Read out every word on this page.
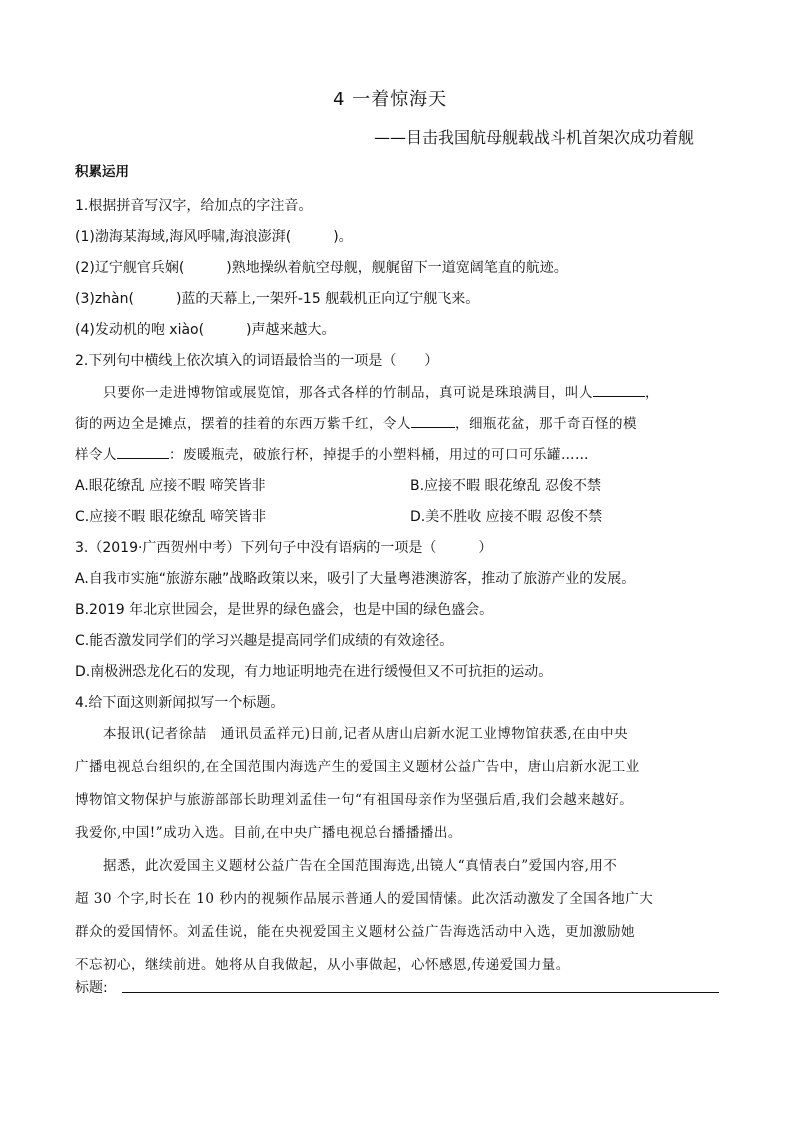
4 一着惊海天
——目击我国航母舰载战斗机首架次成功着舰
积累运用
1.根据拼音写汉字，给加点的字注音。
(1)渤海某海域,海风呼啸,海浪澎湃(　　　)。
(2)辽宁舰官兵娴(　　　)熟地操纵着航空母舰，舰艉留下一道宽阔笔直的航迹。
(3)zhàn(　　　)蓝的天幕上,一架歼-15 舰载机正向辽宁舰飞来。
(4)发动机的咆 xiào(　　　)声越来越大。
2.下列句中横线上依次填入的词语最恰当的一项是（　　）
只要你一走进博物馆或展览馆，那各式各样的竹制品，真可说是珠琅满目，叫人	，
街的两边全是摊点，摆着的挂着的东西万紫千红，令人	，细瓶花盆，那千奇百怪的模
样令人	：废暖瓶壳，破旅行杯，掉提手的小塑料桶，用过的可口可乐罐……
A.眼花缭乱 应接不暇 啼笑皆非	B.应接不暇 眼花缭乱 忍俊不禁
C.应接不暇 眼花缭乱 啼笑皆非	D.美不胜收 应接不暇 忍俊不禁
3.（2019·广西贺州中考）下列句子中没有语病的一项是（　　　）
A.自我市实施“旅游东融”战略政策以来，吸引了大量粤港澳游客，推动了旅游产业的发展。
B.2019 年北京世园会，是世界的绿色盛会，也是中国的绿色盛会。
C.能否激发同学们的学习兴趣是提高同学们成绩的有效途径。
D.南极洲恐龙化石的发现，有力地证明地壳在进行缓慢但又不可抗拒的运动。
4.给下面这则新闻拟写一个标题。
本报讯(记者徐喆　通讯员孟祥元)日前,记者从唐山启新水泥工业博物馆获悉,在由中央
广播电视总台组织的,在全国范围内海选产生的爱国主义题材公益广告中，唐山启新水泥工业
博物馆文物保护与旅游部部长助理刘孟佳一句“有祖国母亲作为坚强后盾,我们会越来越好。
我爱你,中国!”成功入选。目前,在中央广播电视总台播播播出。
据悉，此次爱国主义题材公益广告在全国范围海选,出镜人“真情表白”爱国内容,用不
超 30 个字,时长在 10 秒内的视频作品展示普通人的爱国情愫。此次活动激发了全国各地广大
群众的爱国情怀。刘孟佳说，能在央视爱国主义题材公益广告海选活动中入选，更加激励她
不忘初心，继续前进。她将从自我做起，从小事做起，心怀感恩,传递爱国力量。
标题:
